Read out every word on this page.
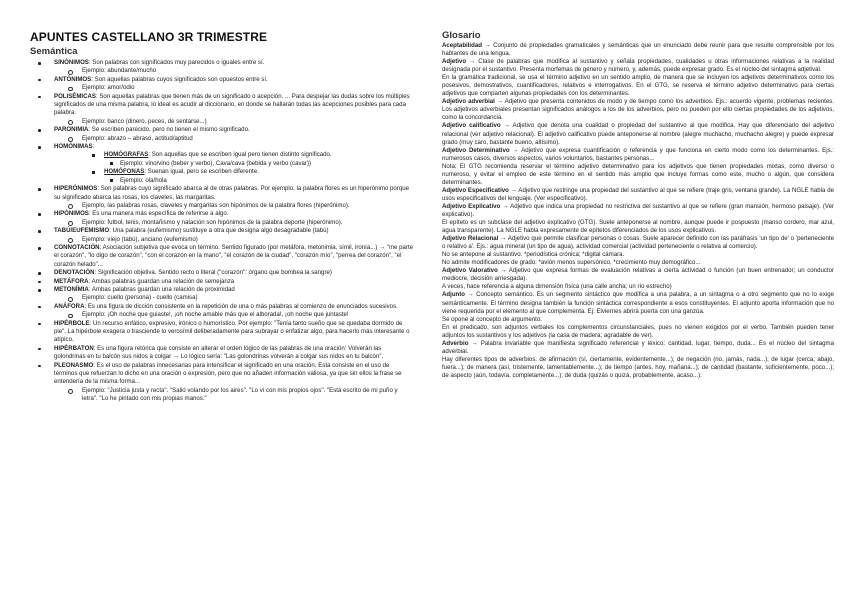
APUNTES CASTELLANO 3R TRIMESTRE
Semántica
SINÓNIMOS: Son palabras con significados muy parecidos o iguales entre sí.
Ejemplo: abundante/mucho
ANTÓNIMOS: Son aquellas palabras cuyos significados son opuestos entre sí.
Ejemplo: amor/odio
POLISÉMICAS: Son aquellas palabras que tienen más de un significado o acepción. ... Para despejar las dudas sobre los múltiples significados de una misma palabra, lo ideal es acudir al diccionario, en donde se hallarán todas las acepciones posibles para cada palabra.
Ejemplo: banco (dinero, peces, de sentarse...)
PARONIMIA: Se escriben parecido, pero no tienen el mismo significado.
Ejemplo: abrazo – abrasó, actitud/aptitud
HOMÓNIMAS:
HOMÓGRAFAS: Son aquellas que se escriben igual pero tienen distinto significado.
Ejemplo: vino/vino (beber y verbo), Cava/cava (bebida y verbo (cavar))
HOMÓFONAS: Suenan igual, pero se escriben diferente.
Ejemplo: ola/hola
HIPERÓNIMOS: Son palabras cuyo significado abarca al de otras palabras. Por ejemplo, la palabra flores es un hiperónimo porque su significado abarca las rosas, los claveles, las margaritas.
Ejemplo, las palabras rosas, claveles y margaritas son hipónimos de la palabra flores (hiperónimo).
HIPÓNIMOS: Es una manera más específica de referirse a algo.
Ejemplo: futbol, tenis, montañismo y natación son hipónimos de la palabra deporte (hiperónimo).
TABÚ/EUFEMISMO: Una palabra (eufemismo) sustituye a otra que designa algo desagradable (tabú)
Ejemplo: viejo (tabú), anciano (eufemismo)
CONNOTACIÓN: Asociación subjetiva que evoca un término. Sentido figurado (por metáfora, metonimia, símil, ironía...) → "me parte el corazón", "lo digo de corazón", "con el corazón en la mano", "el corazón de la ciudad", "corazón mío", "perrea del corazón", "el corazón helado"...
DENOTACIÓN: Significación objetiva. Sentido recto o literal ("corazón": órgano que bombea la sangre)
METÁFORA: Ambas palabras guardan una relación de semejanza
METONÍMIA: Ambas palabras guardan una relación de proximidad
Ejemplo: cuello (persona) - cuello (camisa)
ANÁFORA: Es una figura de dicción consistente en la repetición de una o más palabras al comienzo de enunciados sucesivos.
Ejemplo: ¡Oh noche que guiaste!, ¡oh noche amable más que el alborada!, ¡oh noche que juntaste!
HIPÉRBOLE: Un recurso enfático, expresivo, irónico o humorístico. Por ejemplo: "Tenía tanto sueño que se quedaba dormido de pie". La hipérbole exagera o trasciende lo verosímil deliberadamente para subrayar o enfatizar algo, para hacerlo más interesante o atípico.
HIPÉRBATON: Es una figura retórica que consiste en alterar el orden lógico de las palabras de una oración: Volverán las golondrinas en tu balcón sus nidos a colgar → Lo lógico sería: "Las golondrinas volverán a colgar sus nidos en tu balcón".
PLEONASMO: Es el uso de palabras innecesarias para intensificar el significado en una oración. Esta consiste en el uso de términos que refuerzan lo dicho en una oración o expresión, pero que no añaden información valiosa, ya que sin ellos la frase se entendería de la misma forma...
Ejemplo: "Justicia justa y recta". "Salió volando por los aires". "Lo vi con mis propios ojos". "Está escrito de mi puño y letra". "Lo he pintado con mis propias manos."
Glosario

Aceptabilidad → Conjunto de propiedades gramaticales y semánticas que un enunciado debe reunir para que resulte comprensible por los hablantes de una lengua.

Adjetivo → Clase de palabras que modifica al sustantivo y señala propiedades, cualidades u otras informaciones relativas a la realidad designada por el sustantivo. Presenta morfemas de género y número, y, además, puede expresar grado. Es el núcleo del sintagma adjetival.

En la gramática tradicional, se usa el término adjetivo en un sentido amplio, de manera que se incluyen los adjetivos determinativos como los posesivos, demostrativos, cuantificadores, relativos e interrogativos. En el GTG, se reserva el término adjetivo determinativo para ciertas adjetivos que comparten algunas propiedades con los determinantes.

Adjetivo adverbial → Adjetivo que presenta contenidos de modo y de tiempo como los adverbios. Ejs.: acuerdo vigente, problemas recientes. Los adjetivos adverbiales presentan significados análogos a los de los adverbios, pero no pueden por ello ciertas propiedades de los adjetivos, como la concordancia.

Adjetivo calificativo → Adjetivo que denota una cualidad o propiedad del sustantivo al que modifica. Hay que diferenciarlo del adjetivo relacional (ver adjetivo relacional). El adjetivo calificativo puede anteponerse al nombre (alegre muchacho, muchacho alegre) y puede expresar grado (muy caro, bastante bueno, altísimo).

Adjetivo Determinativo → Adjetivo que expresa cuantificación o referencia y que funciona en cierto modo como los determinantes. Ejs.: numerosos casos, diversos aspectos, varios voluntarios, bastantes personas...

Nota: El GTG recomienda reservar el término adjetivo determinativo para los adjetivos que tienen propiedades mixtas, como diverso o numeroso, y evitar el empleo de este término en el sentido más amplio que incluye formas como este, mucho o algún, que considera determinantes.

Adjetivo Especificativo → Adjetivo que restringe una propiedad del sustantivo al que se refiere (traje gris, ventana grande). La NGLE habla de usos especificativos del lenguaje. (Ver especificativo).

Adjetivo Explicativo → Adjetivo que indica una propiedad no restrictiva del sustantivo al que se refiere (gran mansión, hermoso paisaje). (Ver explicativo).

El epíteto es un subclase del adjetivo explicativo (GTG). Suele anteponerse al nombre, aunque puede ir pospuesto (manso cordero, mar azul, agua transparente). La NGLE habla expresamente de epítetos diferenciados de los usos explicativos.

Adjetivo Relacional → Adjetivo que permite clasificar personas o cosas. Suele aparecer definido con las paráfrasis 'un tipo de' o 'perteneciente o relativo a'. Ejs.: agua mineral (un tipo de agua), actividad comercial (actividad perteneciente o relativa al comercio).

No se antepone al sustantivo: *periodística crónica; *digital cámara.

No admite modificadores de grado: *avión menos supersónico, *crecimiento muy demográfico...

Adjetivo Valorativo → Adjetivo que expresa formas de evaluación relativas a cierta actividad o función (un buen entrenador; un conductor mediocre, decisión arriesgada).

A veces, hace referencia a alguna dimensión física (una calle ancha; un río estrecho)

Adjunto → Concepto semántico. Es un segmento sintáctico que modifica a una palabra, a un sintagma o a otro segmento que no lo exige semánticamente. El término designa también la función sintáctica correspondiente a esos constituyentes. El adjunto aporta información que no viene requerida por el elemento al que complementa. Ej: Elviernes abrirá puerta con una ganzúa.

Se opone al concepto de argumento.

En el predicado, son adjuntos verbales los complementos circunstanciales, pues no vienen exigidos por el verbo. También pueden tener adjuntos los sustantivos y los adjetivos (la casa de madera; agradable de ver).

Adverbio → Palabra invariable que manifiesta significado referencial y léxico: cantidad, lugar, tiempo, duda... Es el núcleo del sintagma adverbial.

Hay diferentes tipos de adverbios: de afirmación (sí, ciertamente, evidentemente...); de negación (no, jamás, nada...); de lugar (cerca, abajo, fuera...); de manera (así, tristemente, lamentablemente...); de tiempo (antes, hoy, mañana...); de cantidad (bastante, suficientemente, poco...); de aspecto (aún, todavía, completamente...); de duda (quizás o quizá, probablemente, acaso...).
